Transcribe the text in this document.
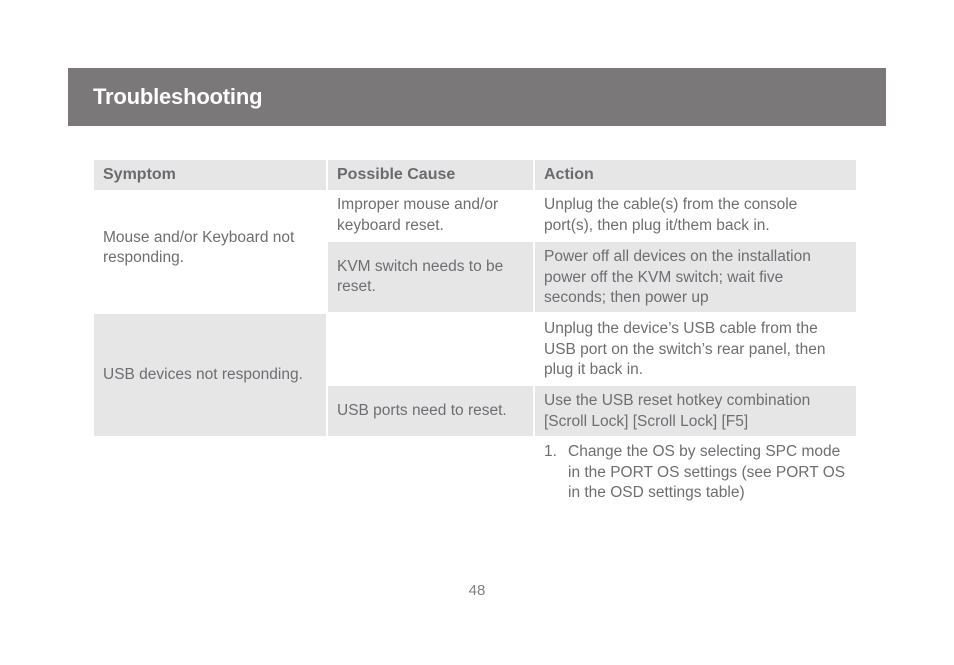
Troubleshooting
Symptom	Possible Cause	Action
Mouse and/or Keyboard not responding.
Improper mouse and/or keyboard reset.
Unplug the cable(s) from the console port(s), then plug it/them back in.
KVM switch needs to be reset.
Power off all devices on the installation power off the KVM switch; wait five seconds; then power up
USB devices not responding.
Unplug the device’s USB cable from the USB port on the switch’s rear panel, then plug it back in.
USB ports need to reset.
Use the USB reset hotkey combination [Scroll Lock] [Scroll Lock] [F5]
1. Change the OS by selecting SPC mode in the PORT OS settings (see PORT OS in the OSD settings table)
48
